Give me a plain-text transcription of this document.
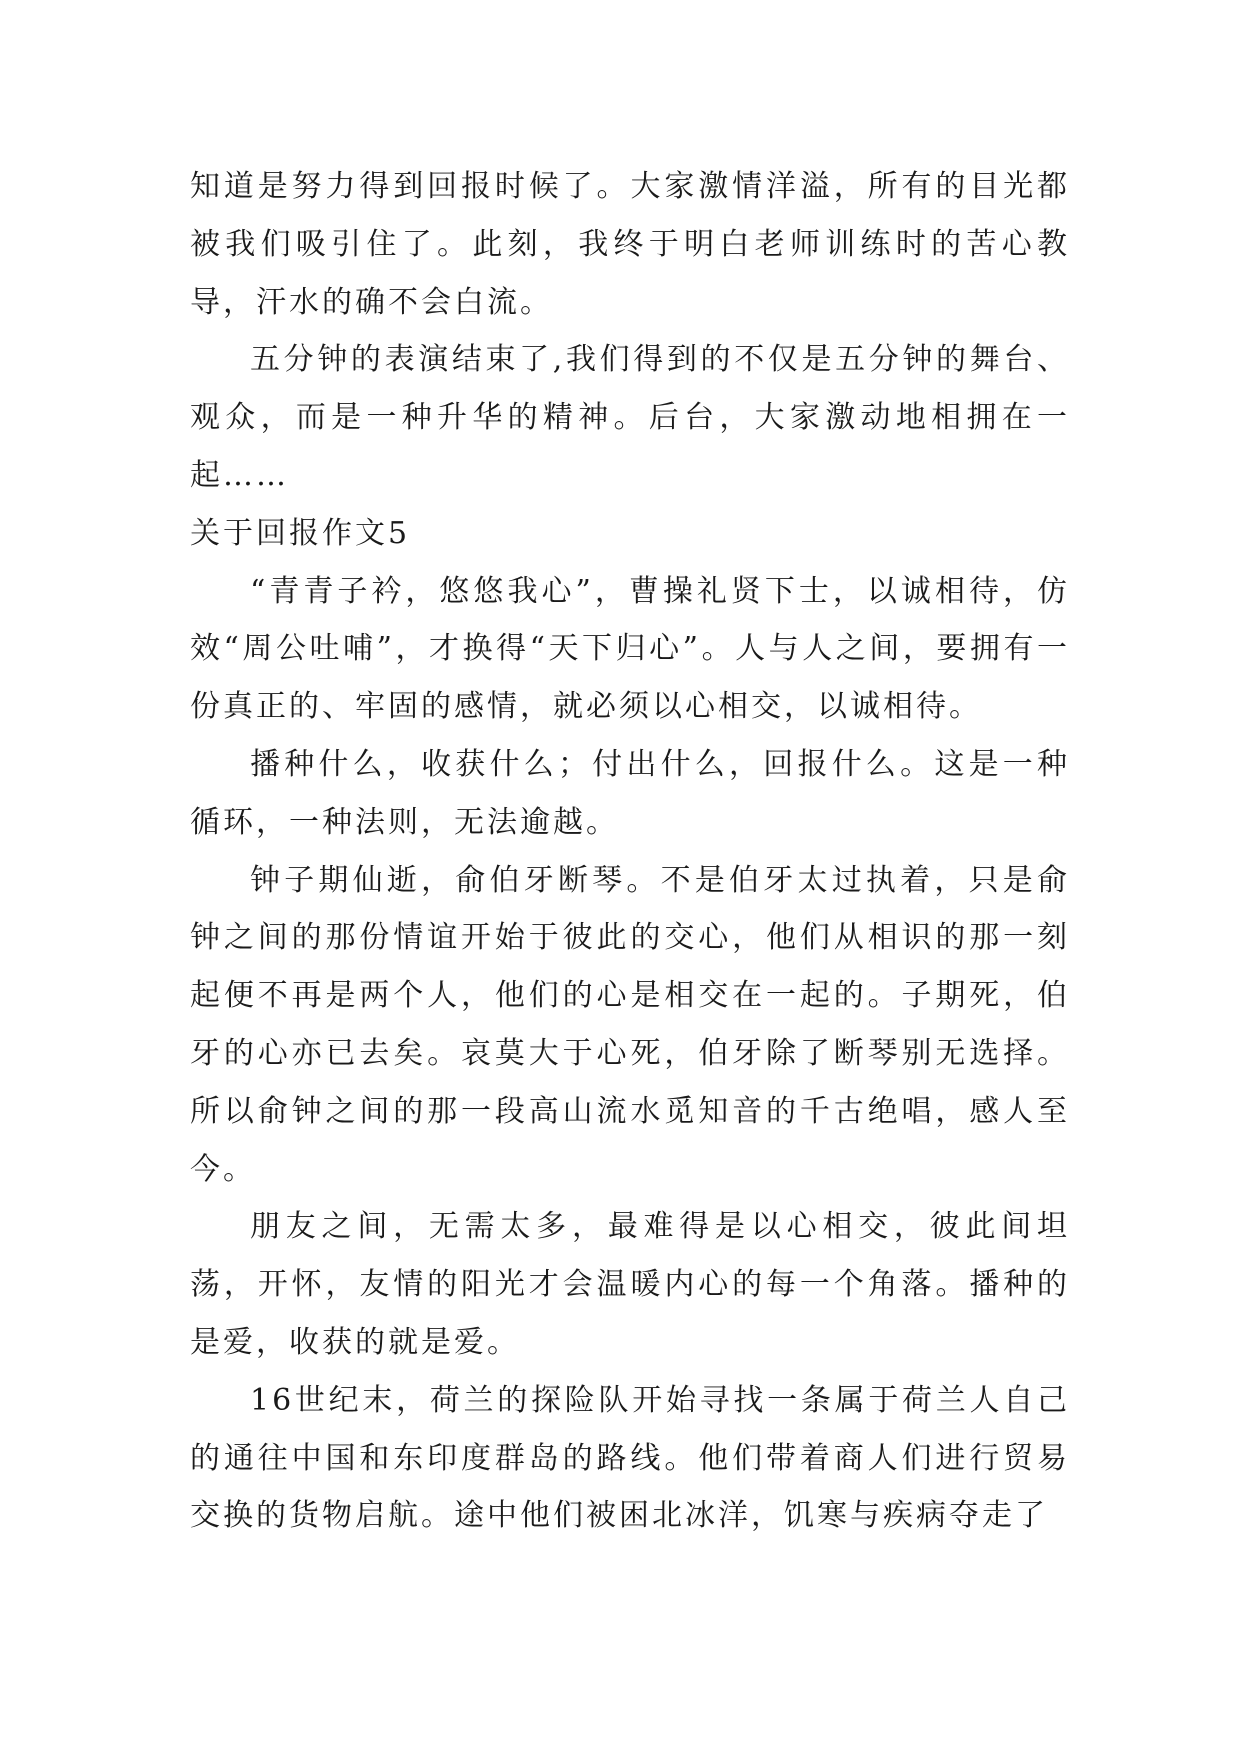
知道是努力得到回报时候了。大家激情洋溢，所有的目光都被我们吸引住了。此刻，我终于明白老师训练时的苦心教导，汗水的确不会白流。

五分钟的表演结束了,我们得到的不仅是五分钟的舞台、观众，而是一种升华的精神。后台，大家激动地相拥在一起……

关于回报作文5

“青青子衿，悠悠我心”，曹操礼贤下士，以诚相待，仿效“周公吐哺”，才换得“天下归心”。人与人之间，要拥有一份真正的、牢固的感情，就必须以心相交，以诚相待。

播种什么，收获什么；付出什么，回报什么。这是一种循环，一种法则，无法逾越。

钟子期仙逝，俞伯牙断琴。不是伯牙太过执着，只是俞钟之间的那份情谊开始于彼此的交心，他们从相识的那一刻起便不再是两个人，他们的心是相交在一起的。子期死，伯牙的心亦已去矣。哀莫大于心死，伯牙除了断琴别无选择。所以俞钟之间的那一段高山流水觅知音的千古绝唱，感人至今。

朋友之间，无需太多，最难得是以心相交，彼此间坦荡，开怀，友情的阳光才会温暖内心的每一个角落。播种的是爱，收获的就是爱。

16世纪末，荷兰的探险队开始寻找一条属于荷兰人自己的通往中国和东印度群岛的路线。他们带着商人们进行贸易交换的货物启航。途中他们被困北冰洋，饥寒与疾病夺走了
